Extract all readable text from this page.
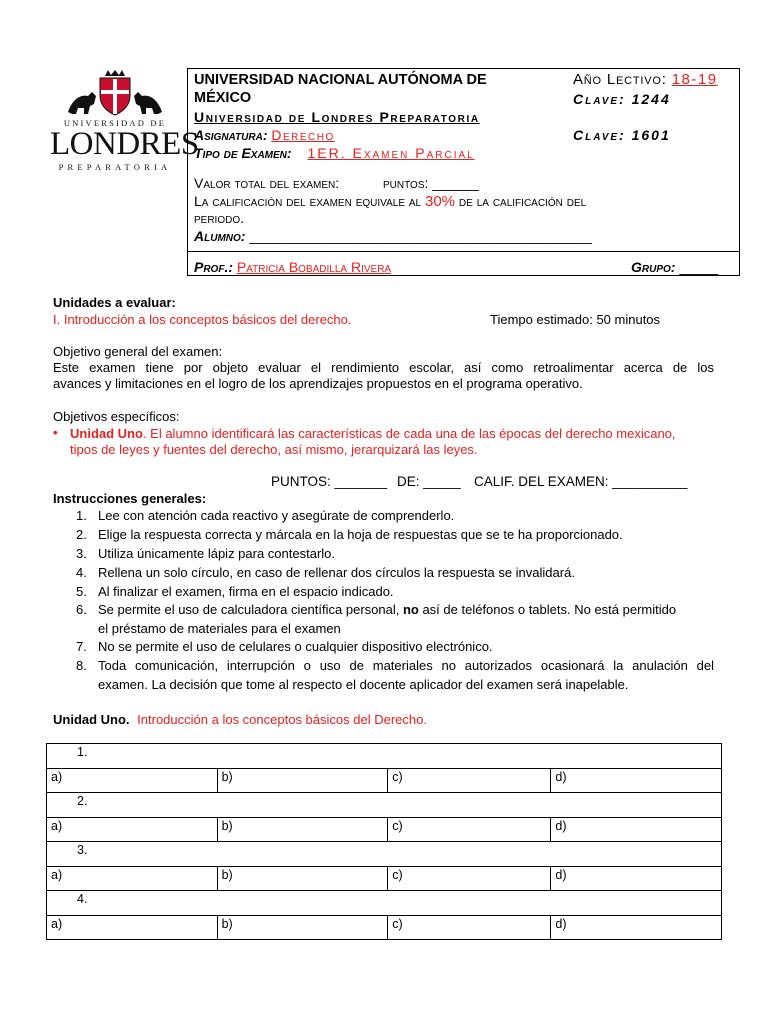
UNIVERSIDAD DE
LONDRES
PREPARATORIA
UNIVERSIDAD NACIONAL AUTÓNOMA DE
MÉXICO
Universidad de Londres Preparatoria
Asignatura: Derecho
Tipo de Examen: 1ER. Examen Parcial
Año Lectivo: 18-19
Clave: 1244
Clave: 1601
Valor total del examen:	puntos: ______
La calificación del examen equivale al 30% de la calificación del
periodo.
Alumno: ____________________________________________
Prof.: Patricia Bobadilla Rivera	Grupo: _____
Unidades a evaluar:
I. Introducción a los conceptos básicos del derecho.	Tiempo estimado: 50 minutos
Objetivo general del examen:
Este examen tiene por objeto evaluar el rendimiento escolar, así como retroalimentar acerca de los
avances y limitaciones en el logro de los aprendizajes propuestos en el programa operativo.
Objetivos específicos:
• Unidad Uno. El alumno identificará las características de cada una de las épocas del derecho mexicano,
tipos de leyes y fuentes del derecho, así mismo, jerarquizará las leyes.
PUNTOS: _______ DE: _____ CALIF. DEL EXAMEN: __________
Instrucciones generales:
1. Lee con atención cada reactivo y asegúrate de comprenderlo.
2. Elige la respuesta correcta y márcala en la hoja de respuestas que se te ha proporcionado.
3. Utiliza únicamente lápiz para contestarlo.
4. Rellena un solo círculo, en caso de rellenar dos círculos la respuesta se invalidará.
5. Al finalizar el examen, firma en el espacio indicado.
6. Se permite el uso de calculadora científica personal, no así de teléfonos o tablets. No está permitido
el préstamo de materiales para el examen
7. No se permite el uso de celulares o cualquier dispositivo electrónico.
8. Toda comunicación, interrupción o uso de materiales no autorizados ocasionará la anulación del
examen. La decisión que tome al respecto el docente aplicador del examen será inapelable.
Unidad Uno. Introducción a los conceptos básicos del Derecho.
1.			
a)	b)	c)	d)
2.			
a)	b)	c)	d)
3.			
a)	b)	c)	d)
4.			
a)	b)	c)	d)
